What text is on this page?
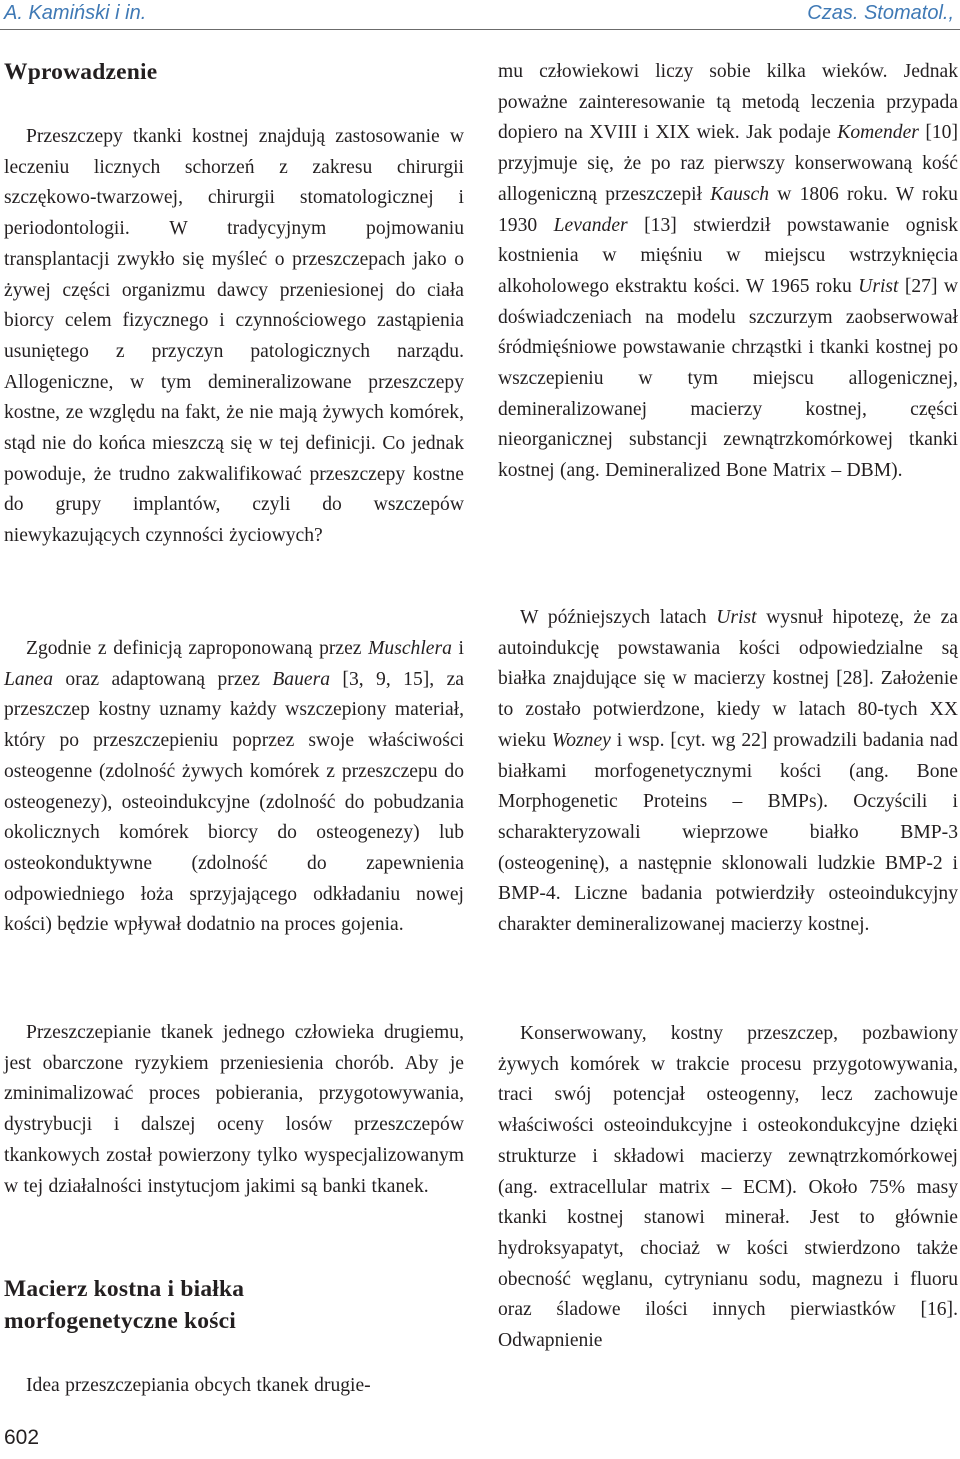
A. Kamiński i in.	Czas. Stomatol.,
Wprowadzenie

Przeszczepy tkanki kostnej znajdują zastosowanie w leczeniu licznych schorzeń z zakresu chirurgii szczękowo-twarzowej, chirurgii stomatologicznej i periodontologii. W tradycyjnym pojmowaniu transplantacji zwykło się myśleć o przeszczepach jako o żywej części organizmu dawcy przeniesionej do ciała biorcy celem fizycznego i czynnościowego zastąpienia usuniętego z przyczyn patologicznych narządu. Allogeniczne, w tym demineralizowane przeszczepy kostne, ze względu na fakt, że nie mają żywych komórek, stąd nie do końca mieszczą się w tej definicji. Co jednak powoduje, że trudno zakwalifikować przeszczepy kostne do grupy implantów, czyli do wszczepów niewykazujących czynności życiowych?

Zgodnie z definicją zaproponowaną przez Muschlera i Lanea oraz adaptowaną przez Bauera [3, 9, 15], za przeszczep kostny uznamy każdy wszczepiony materiał, który po przeszczepieniu poprzez swoje właściwości osteogenne (zdolność żywych komórek z przeszczepu do osteogenezy), osteoindukcyjne (zdolność do pobudzania okolicznych komórek biorcy do osteogenezy) lub osteokonduktywne (zdolność do zapewnienia odpowiedniego łoża sprzyjającego odkładaniu nowej kości) będzie wpływał dodatnio na proces gojenia.

Przeszczepianie tkanek jednego człowieka drugiemu, jest obarczone ryzykiem przeniesienia chorób. Aby je zminimalizować proces pobierania, przygotowywania, dystrybucji i dalszej oceny losów przeszczepów tkankowych został powierzony tylko wyspecjalizowanym w tej działalności instytucjom jakimi są banki tkanek.

Macierz kostna i białka
morfogenetyczne kości

Idea przeszczepiania obcych tkanek drugie-

mu człowiekowi liczy sobie kilka wieków. Jednak poważne zainteresowanie tą metodą leczenia przypada dopiero na XVIII i XIX wiek. Jak podaje Komender [10] przyjmuje się, że po raz pierwszy konserwowaną kość allogeniczną przeszczepił Kausch w 1806 roku. W roku 1930 Levander [13] stwierdził powstawanie ognisk kostnienia w mięśniu w miejscu wstrzyknięcia alkoholowego ekstraktu kości. W 1965 roku Urist [27] w doświadczeniach na modelu szczurzym zaobserwował śródmięśniowe powstawanie chrząstki i tkanki kostnej po wszczepieniu w tym miejscu allogenicznej, demineralizowanej macierzy kostnej, części nieorganicznej substancji zewnątrzkomórkowej tkanki kostnej (ang. Demineralized Bone Matrix – DBM).

W późniejszych latach Urist wysnuł hipotezę, że za autoindukcję powstawania kości odpowiedzialne są białka znajdujące się w macierzy kostnej [28]. Założenie to zostało potwierdzone, kiedy w latach 80-tych XX wieku Wozney i wsp. [cyt. wg 22] prowadzili badania nad białkami morfogenetycznymi kości (ang. Bone Morphogenetic Proteins – BMPs). Oczyścili i scharakteryzowali wieprzowe białko BMP-3 (osteogeninę), a następnie sklonowali ludzkie BMP-2 i BMP-4. Liczne badania potwierdziły osteoindukcyjny charakter demineralizowanej macierzy kostnej.

Konserwowany, kostny przeszczep, pozbawiony żywych komórek w trakcie procesu przygotowywania, traci swój potencjał osteogenny, lecz zachowuje właściwości osteoindukcyjne i osteokondukcyjne dzięki strukturze i składowi macierzy zewnątrzkomórkowej (ang. extracellular matrix – ECM). Około 75% masy tkanki kostnej stanowi minerał. Jest to głównie hydroksyapatyt, chociaż w kości stwierdzono także obecność węglanu, cytrynianu sodu, magnezu i fluoru oraz śladowe ilości innych pierwiastków [16]. Odwapnienie

602
